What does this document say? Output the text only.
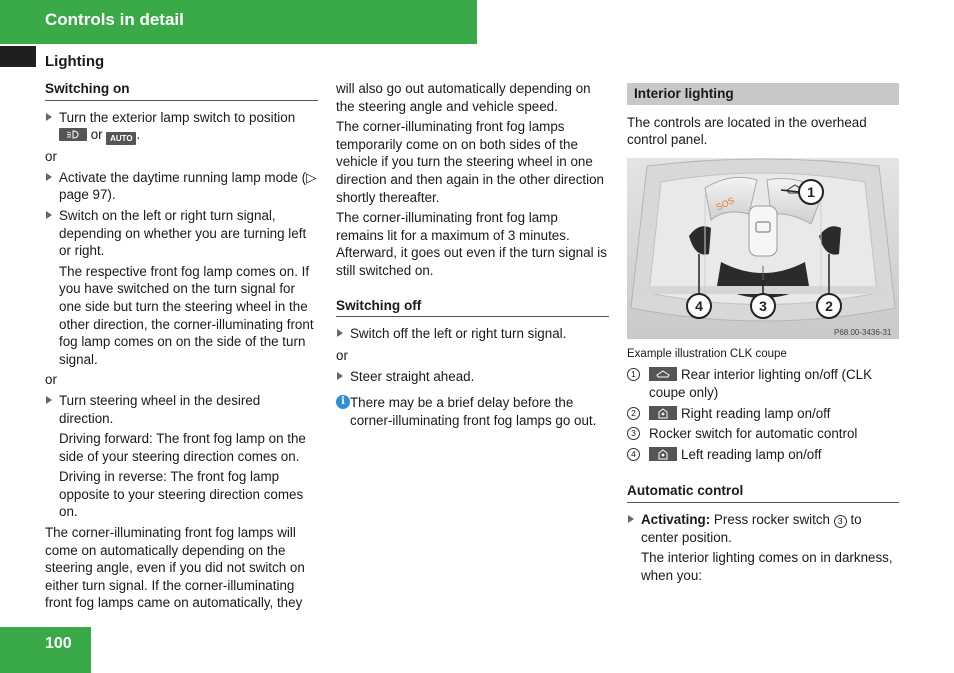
Controls in detail
Lighting
Switching on
Turn the exterior lamp switch to position
or AUTO .
or
Activate the daytime running lamp mode (▷ page 97).
Switch on the left or right turn signal, depending on whether you are turning left or right.
The respective front fog lamp comes on. If you have switched on the turn signal for one side but turn the steering wheel in the other direction, the corner-illuminating front fog lamp comes on on the side of the turn signal.
or
Turn steering wheel in the desired direction.
Driving forward: The front fog lamp on the side of your steering direction comes on.
Driving in reverse: The front fog lamp opposite to your steering direction comes on.
The corner-illuminating front fog lamps will come on automatically depending on the steering angle, even if you did not switch on either turn signal. If the corner-illuminating front fog lamps came on automatically, they
will also go out automatically depending on the steering angle and vehicle speed.
The corner-illuminating front fog lamps temporarily come on on both sides of the vehicle if you turn the steering wheel in one direction and then again in the other direction shortly thereafter.
The corner-illuminating front fog lamp remains lit for a maximum of 3 minutes. Afterward, it goes out even if the turn signal is still switched on.
Switching off
Switch off the left or right turn signal.
or
Steer straight ahead.
i There may be a brief delay before the corner-illuminating front fog lamps go out.
Interior lighting
The controls are located in the overhead control panel.
SOS
1
2
3
4
P68.00-3436-31
Example illustration CLK coupe
1	Rear interior lighting on/off (CLK coupe only)
2	Right reading lamp on/off
3 Rocker switch for automatic control
4	Left reading lamp on/off
Automatic control
Activating: Press rocker switch 3 to center position.
The interior lighting comes on in darkness, when you:
100
